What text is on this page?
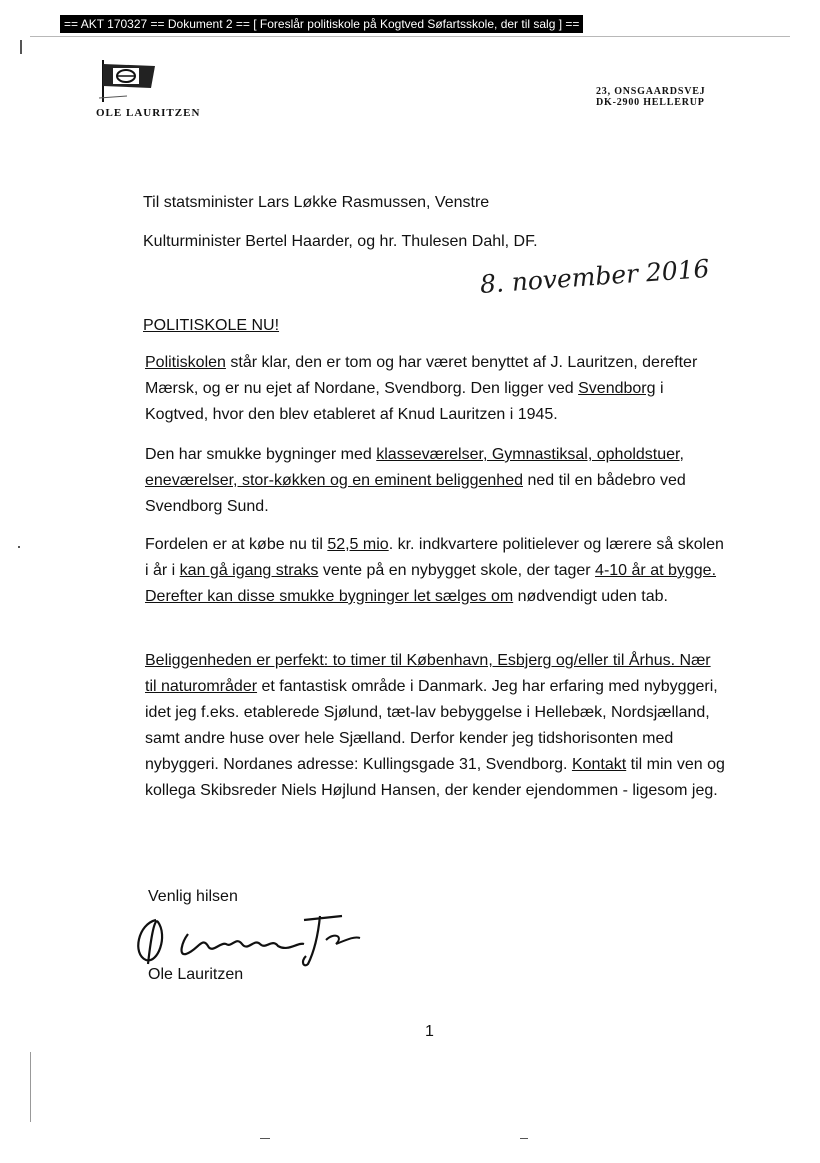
== AKT 170327 == Dokument 2 == [ Foreslår politiskole på Kogtved Søfartsskole, der til salg ] ==
OLE LAURITZEN
23, ONSGAARDSVEJ
DK-2900 HELLERUP
Til statsminister Lars Løkke Rasmussen, Venstre
Kulturminister Bertel Haarder, og hr. Thulesen Dahl, DF.
8. november 2016
POLITISKOLE NU!

Politiskolen står klar, den er tom og har været benyttet af J. Lauritzen, derefter Mærsk, og er nu ejet af Nordane, Svendborg. Den ligger ved Svendborg i Kogtved, hvor den blev etableret af Knud Lauritzen i 1945.

Den har smukke bygninger med klasseværelser, Gymnastiksal, opholdstuer, eneværelser, stor-køkken og en eminent beliggenhed ned til en bådebro ved Svendborg Sund.

Fordelen er at købe nu til 52,5 mio. kr. indkvartere politielever og lærere så skolen i år i kan gå igang straks vente på en nybygget skole, der tager 4-10 år at bygge. Derefter kan disse smukke bygninger let sælges om nødvendigt uden tab.

Beliggenheden er perfekt: to timer til København, Esbjerg og/eller til Århus. Nær til naturområder et fantastisk område i Danmark. Jeg har erfaring med nybyggeri, idet jeg f.eks. etablerede Sjølund, tæt-lav bebyggelse i Hellebæk, Nordsjælland, samt andre huse over hele Sjælland. Derfor kender jeg tidshorisonten med nybyggeri. Nordanes adresse: Kullingsgade 31, Svendborg. Kontakt til min ven og kollega Skibsreder Niels Højlund Hansen, der kender ejendommen - ligesom jeg.

Venlig hilsen
Ole Lauritzen
1
